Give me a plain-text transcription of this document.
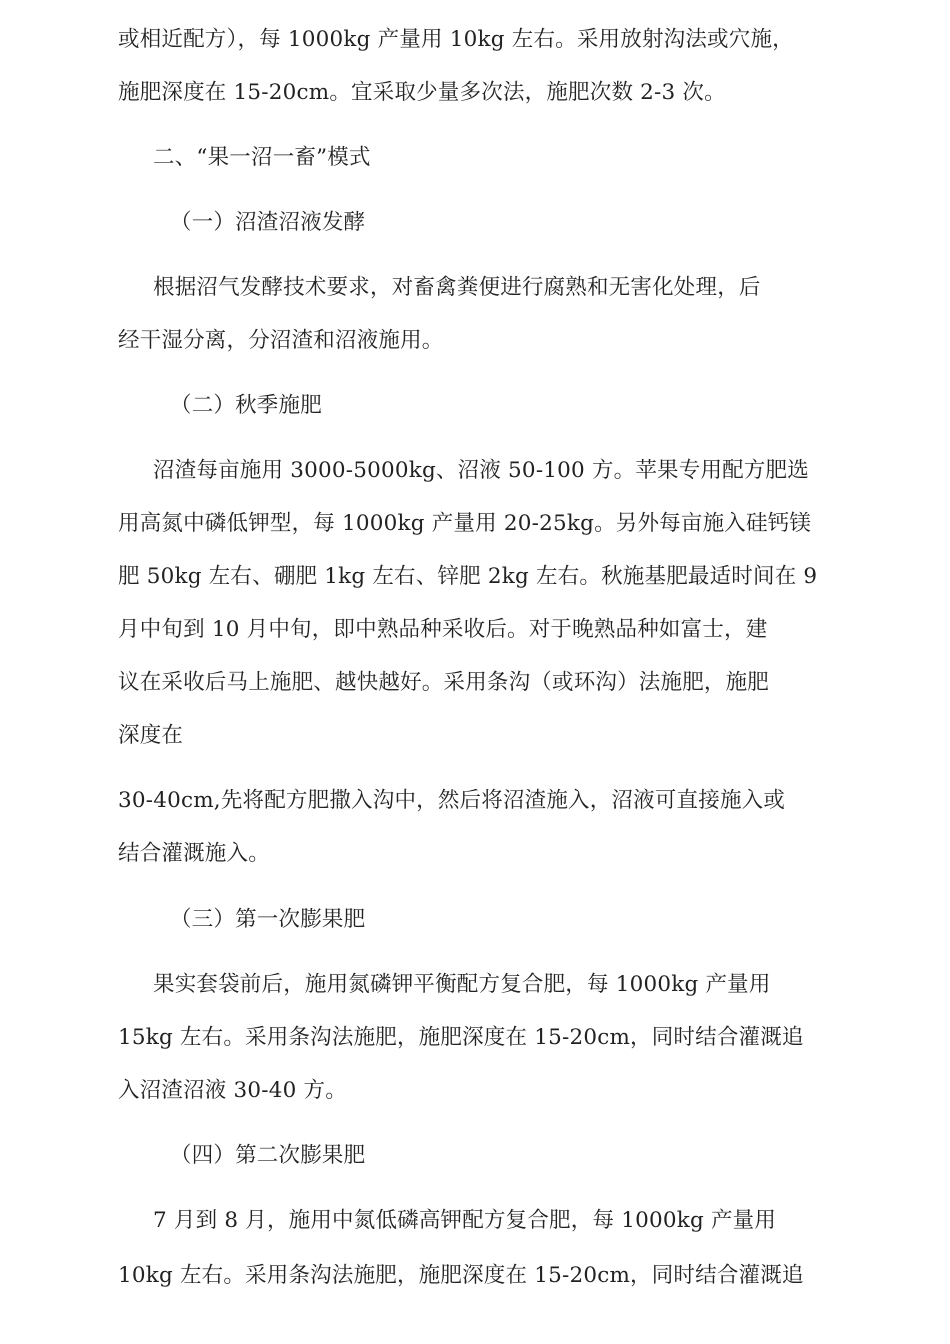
或相近配方），每 1000kg 产量用 10kg 左右。采用放射沟法或穴施，
施肥深度在 15-20cm。宜采取少量多次法，施肥次数 2-3 次。
二、“果一沼一畜”模式
（一）沼渣沼液发酵
根据沼气发酵技术要求，对畜禽粪便进行腐熟和无害化处理，后
经干湿分离，分沼渣和沼液施用。
（二）秋季施肥
沼渣每亩施用 3000-5000kg、沼液 50-100 方。苹果专用配方肥选
用高氮中磷低钾型，每 1000kg 产量用 20-25kg。另外每亩施入硅钙镁
肥 50kg 左右、硼肥 1kg 左右、锌肥 2kg 左右。秋施基肥最适时间在 9
月中旬到 10 月中旬，即中熟品种采收后。对于晚熟品种如富士，建
议在采收后马上施肥、越快越好。采用条沟（或环沟）法施肥，施肥
深度在
30-40cm,先将配方肥撒入沟中，然后将沼渣施入，沼液可直接施入或
结合灌溉施入。
（三）第一次膨果肥
果实套袋前后，施用氮磷钾平衡配方复合肥，每 1000kg 产量用
15kg 左右。采用条沟法施肥，施肥深度在 15-20cm，同时结合灌溉追
入沼渣沼液 30-40 方。
（四）第二次膨果肥
7 月到 8 月，施用中氮低磷高钾配方复合肥，每 1000kg 产量用
10kg 左右。采用条沟法施肥，施肥深度在 15-20cm，同时结合灌溉追
